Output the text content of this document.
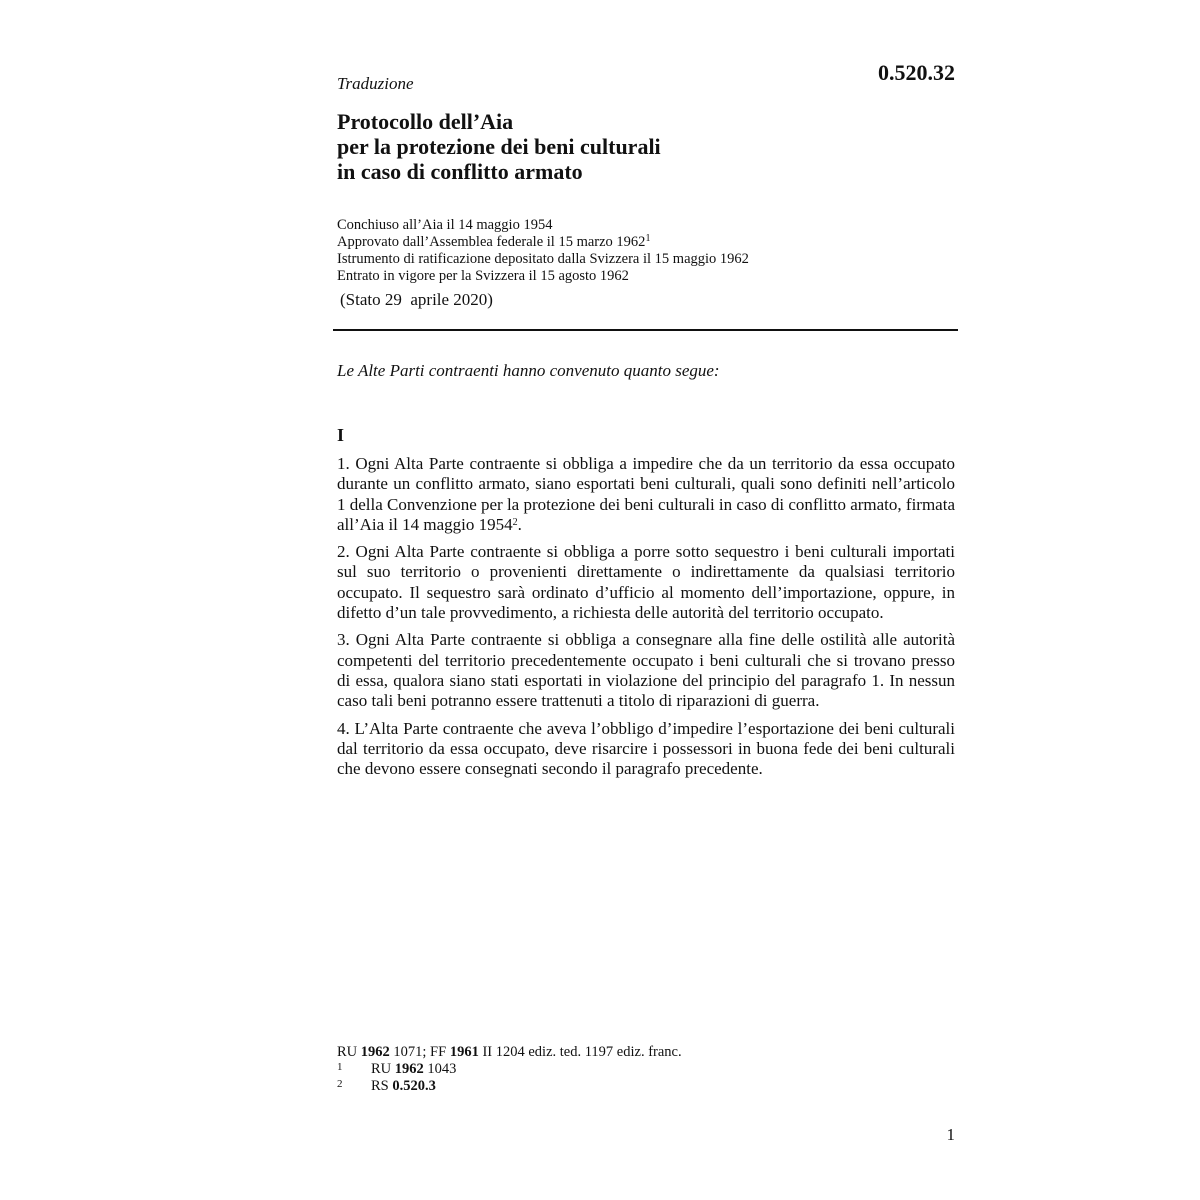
Traduzione	0.520.32
Protocollo dell’Aia
per la protezione dei beni culturali
in caso di conflitto armato
Conchiuso all’Aia il 14 maggio 1954
Approvato dall’Assemblea federale il 15 marzo 1962$^1$
Istrumento di ratificazione depositato dalla Svizzera il 15 maggio 1962
Entrato in vigore per la Svizzera il 15 agosto 1962
(Stato 29  aprile 2020)
Le Alte Parti contraenti hanno convenuto quanto segue:
I

1. Ogni Alta Parte contraente si obbliga a impedire che da un territorio da essa occupato durante un conflitto armato, siano esportati beni culturali, quali sono definiti nell’articolo 1 della Convenzione per la protezione dei beni culturali in caso di conflitto armato, firmata all’Aia il 14 maggio 1954$^2$.

2. Ogni Alta Parte contraente si obbliga a porre sotto sequestro i beni culturali importati sul suo territorio o provenienti direttamente o indirettamente da qualsiasi territorio occupato. Il sequestro sarà ordinato d’ufficio al momento dell’importazione, oppure, in difetto d’un tale provvedimento, a richiesta delle autorità del territorio occupato.

3. Ogni Alta Parte contraente si obbliga a consegnare alla fine delle ostilità alle autorità competenti del territorio precedentemente occupato i beni culturali che si trovano presso di essa, qualora siano stati esportati in violazione del principio del paragrafo 1. In nessun caso tali beni potranno essere trattenuti a titolo di riparazioni di guerra.

4. L’Alta Parte contraente che aveva l’obbligo d’impedire l’esportazione dei beni culturali dal territorio da essa occupato, deve risarcire i possessori in buona fede dei beni culturali che devono essere consegnati secondo il paragrafo precedente.

RU 1962 1071; FF 1961 II 1204 ediz. ted. 1197 ediz. franc.
1 RU 1962 1043
2 RS 0.520.3
1
